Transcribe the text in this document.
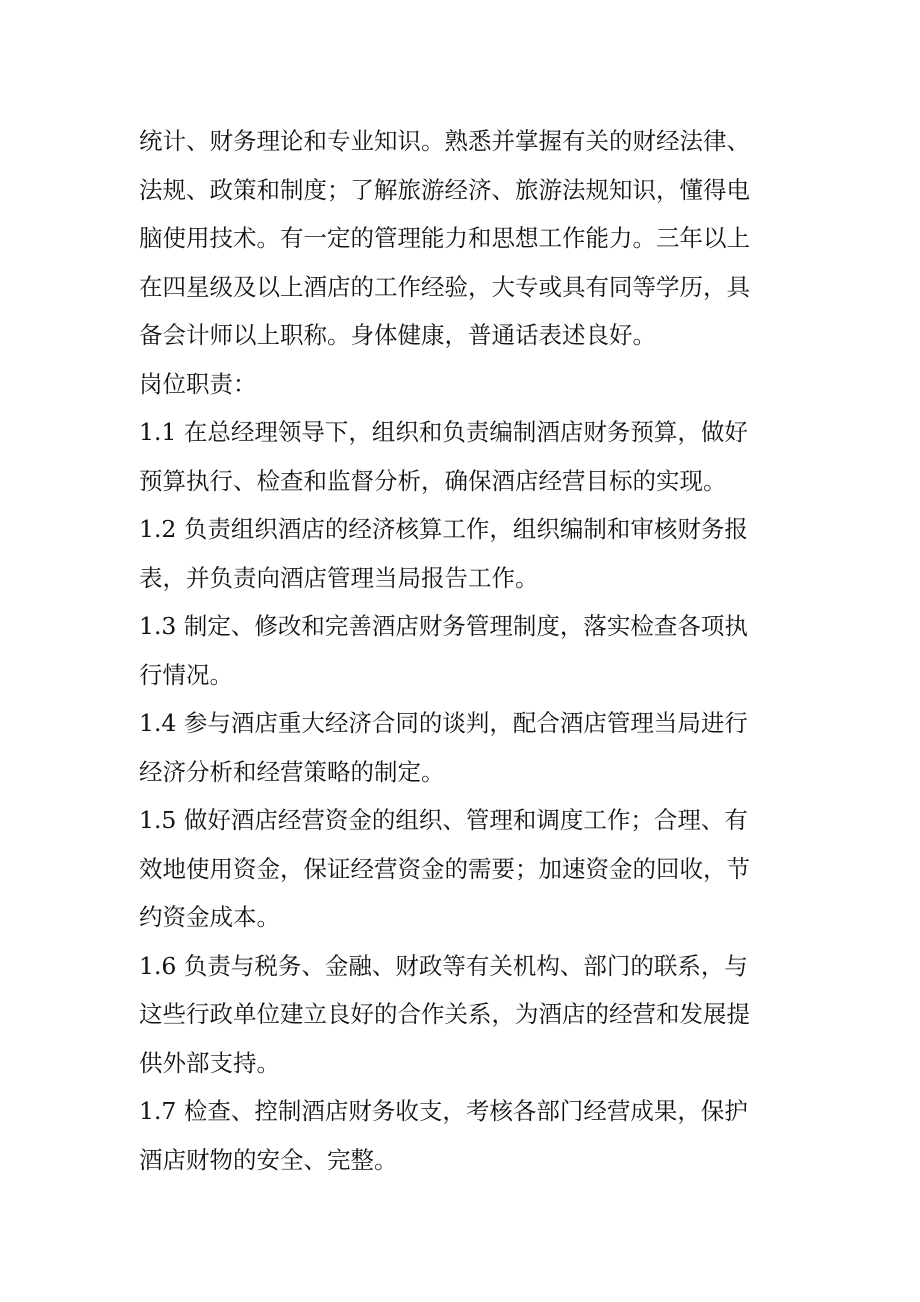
统计、财务理论和专业知识。熟悉并掌握有关的财经法律、
法规、政策和制度；了解旅游经济、旅游法规知识，懂得电
脑使用技术。有一定的管理能力和思想工作能力。三年以上
在四星级及以上酒店的工作经验，大专或具有同等学历，具
备会计师以上职称。身体健康，普通话表述良好。
岗位职责：
1.1 在总经理领导下，组织和负责编制酒店财务预算，做好
预算执行、检查和监督分析，确保酒店经营目标的实现。
1.2 负责组织酒店的经济核算工作，组织编制和审核财务报
表，并负责向酒店管理当局报告工作。
1.3 制定、修改和完善酒店财务管理制度，落实检查各项执
行情况。
1.4 参与酒店重大经济合同的谈判，配合酒店管理当局进行
经济分析和经营策略的制定。
1.5 做好酒店经营资金的组织、管理和调度工作；合理、有
效地使用资金，保证经营资金的需要；加速资金的回收，节
约资金成本。
1.6 负责与税务、金融、财政等有关机构、部门的联系，与
这些行政单位建立良好的合作关系，为酒店的经营和发展提
供外部支持。
1.7 检查、控制酒店财务收支，考核各部门经营成果，保护
酒店财物的安全、完整。
